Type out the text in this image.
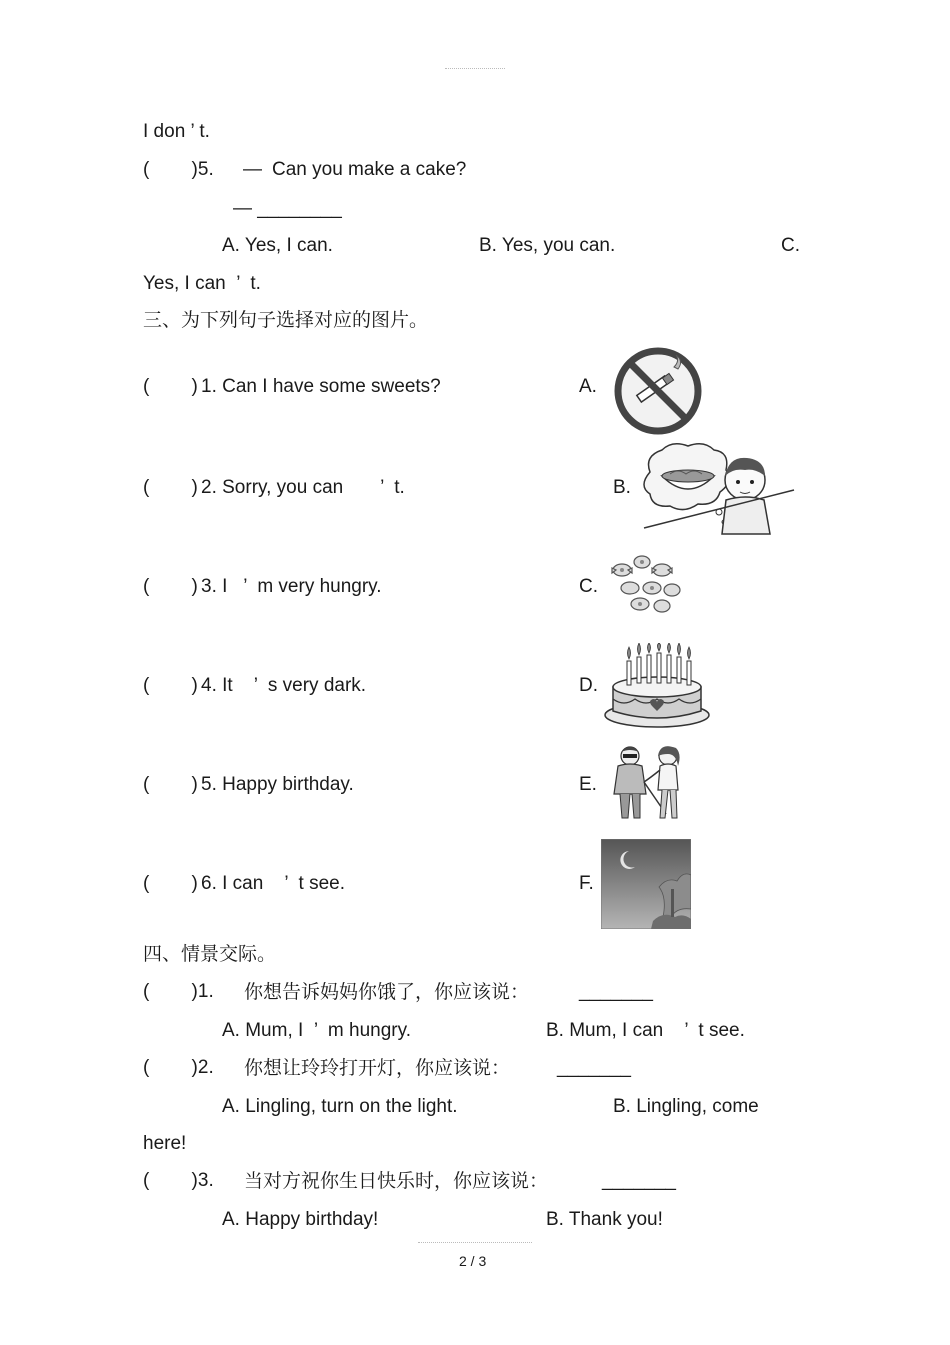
I don ’ t.
(        )5. — Can you make a cake?
— ________
A. Yes, I can.	B. Yes, you can.	C.
Yes, I can  ’  t.
三、为下列句子选择对应的图片。
(        ) 1. Can I have some sweets?	A.
(        ) 2. Sorry, you can       ’  t.	B.
(        ) 3. I   ’  m very hungry.	C.
(        ) 4. It    ’  s very dark.	D.
(        ) 5. Happy birthday.	E.
(        ) 6. I can    ’  t see.	F.
四、情景交际。
(        )1. 你想告诉妈妈你饿了，你应该说：	_______
A. Mum, I  ’  m hungry.	B. Mum, I can    ’  t see.
(        )2. 你想让玲玲打开灯，你应该说： _______
A. Lingling, turn on the light.	B. Lingling, come
here!
(        )3. 当对方祝你生日快乐时，你应该说：	_______
A. Happy birthday!	B. Thank you!
2 / 3
